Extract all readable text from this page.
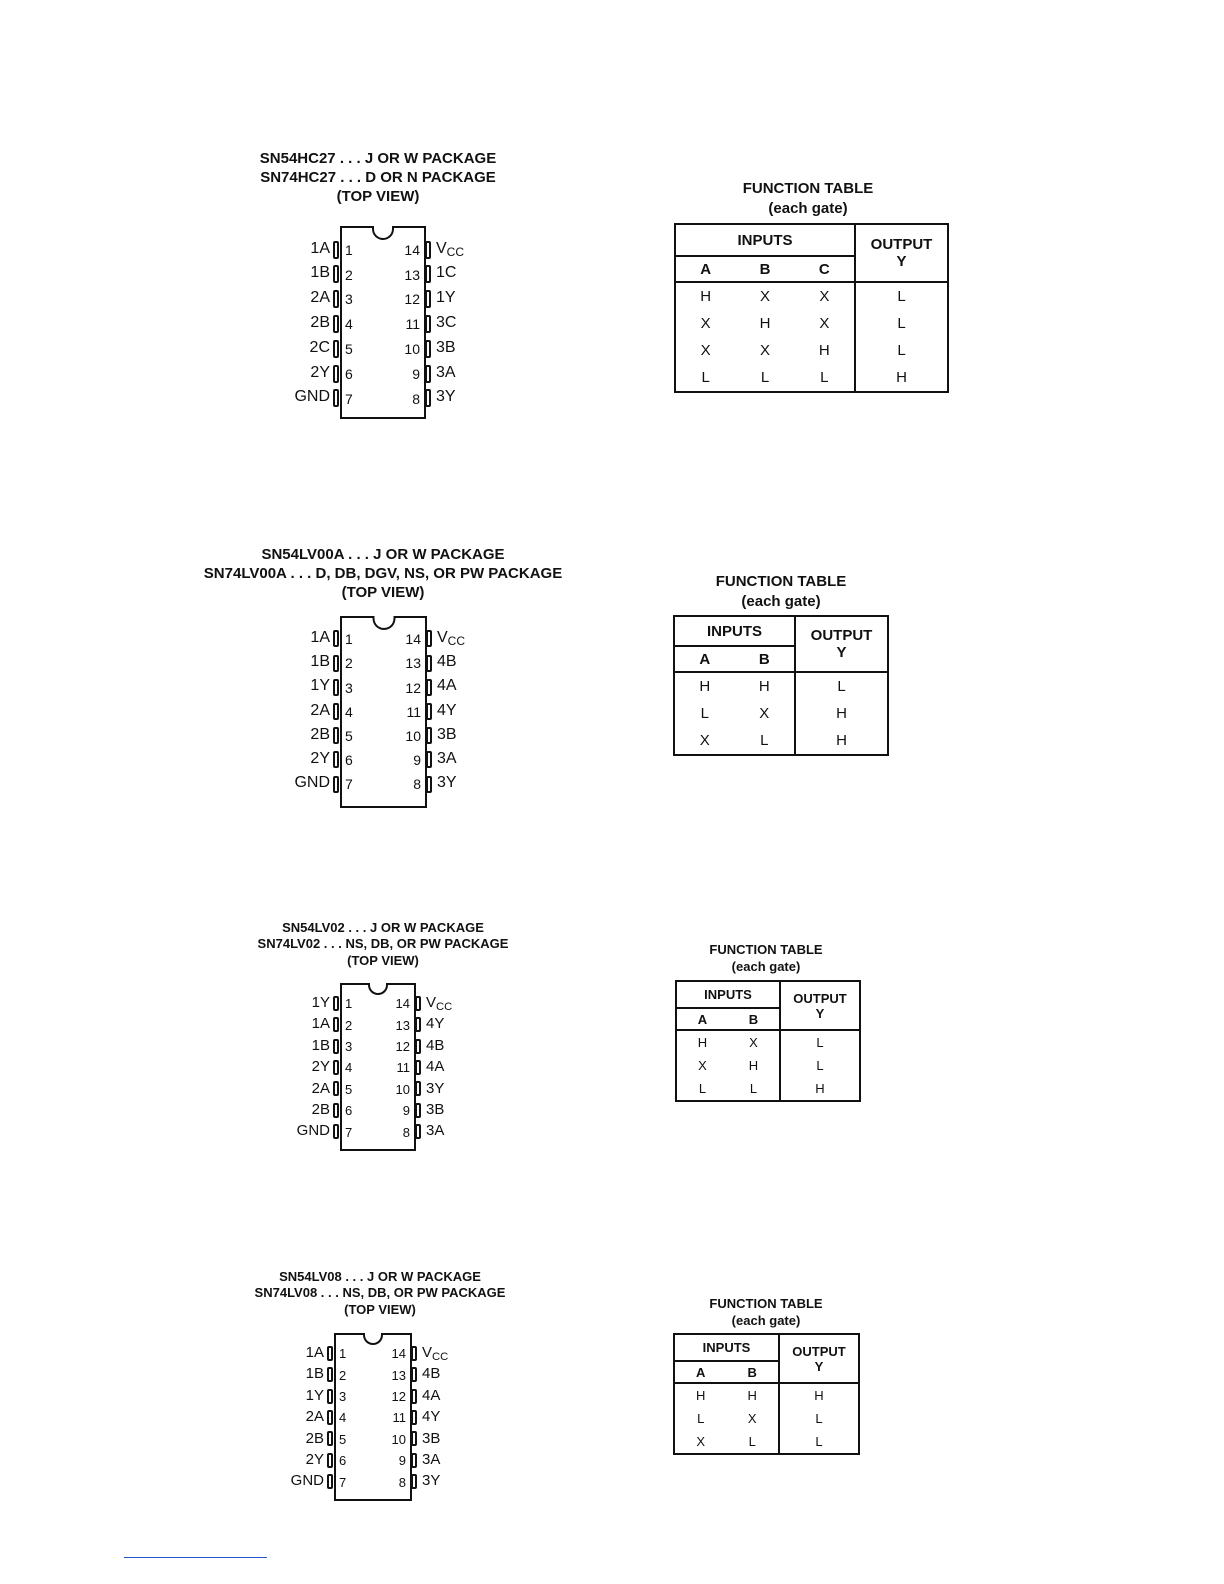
SN54HC27 . . . J OR W PACKAGE
SN74HC27 . . . D OR N PACKAGE
(TOP VIEW)
1A 1
1B 2
2A 3
2B 4
2C 5
2Y 6
GND 7
14 $V_{CC}$
13 1C
12 1Y
11 3C
10 3B
9 3A
8 3Y
FUNCTION TABLE
(each gate)
INPUTS			OUTPUT
Y

A	B	C	
H	X	X	L
X	H	X	L
X	X	H	L
L	L	L	H
SN54LV00A . . . J OR W PACKAGE
SN74LV00A . . . D, DB, DGV, NS, OR PW PACKAGE
(TOP VIEW)
1A 1
1B 2
1Y 3
2A 4
2B 5
2Y 6
GND 7
14 $V_{CC}$
13 4B
12 4A
11 4Y
10 3B
9 3A
8 3Y
FUNCTION TABLE
(each gate)
INPUTS		OUTPUT
Y

A	B	
H	H	L
L	X	H
X	L	H
SN54LV02 . . . J OR W PACKAGE
SN74LV02 . . . NS, DB, OR PW PACKAGE
(TOP VIEW)
1Y 1
1A 2
1B 3
2Y 4
2A 5
2B 6
GND 7
14 $V_{CC}$
13 4Y
12 4B
11 4A
10 3Y
9 3B
8 3A
FUNCTION TABLE
(each gate)
INPUTS		OUTPUT
Y

A	B	
H	X	L
X	H	L
L	L	H
SN54LV08 . . . J OR W PACKAGE
SN74LV08 . . . NS, DB, OR PW PACKAGE
(TOP VIEW)
1A 1
1B 2
1Y 3
2A 4
2B 5
2Y 6
GND 7
14 $V_{CC}$
13 4B
12 4A
11 4Y
10 3B
9 3A
8 3Y
FUNCTION TABLE
(each gate)
INPUTS		OUTPUT
Y

A	B	
H	H	H
L	X	L
X	L	L
